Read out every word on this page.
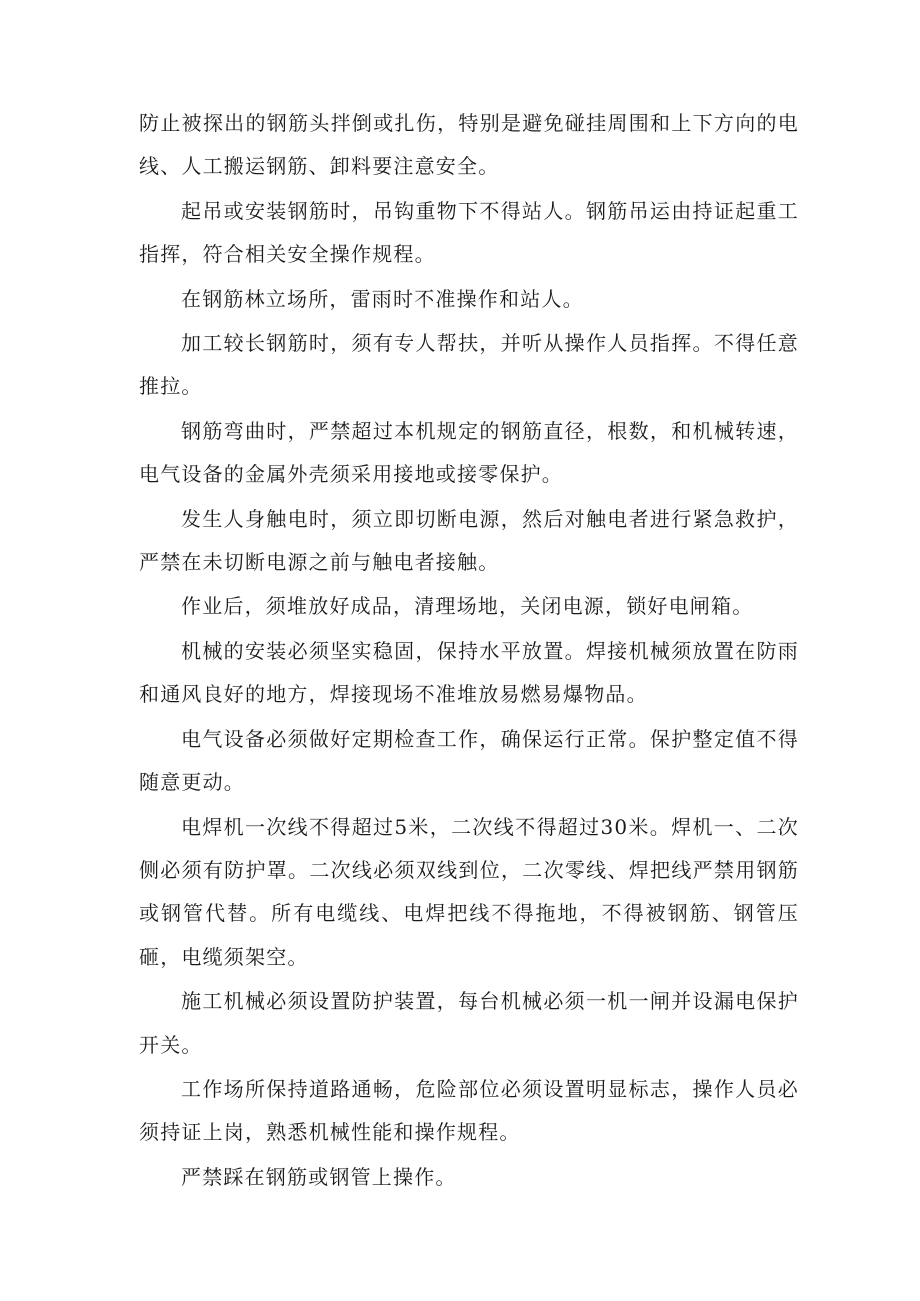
防止被探出的钢筋头拌倒或扎伤，特别是避免碰挂周围和上下方向的电线、人工搬运钢筋、卸料要注意安全。

起吊或安装钢筋时，吊钩重物下不得站人。钢筋吊运由持证起重工指挥，符合相关安全操作规程。

在钢筋林立场所，雷雨时不准操作和站人。

加工较长钢筋时，须有专人帮扶，并听从操作人员指挥。不得任意推拉。

钢筋弯曲时，严禁超过本机规定的钢筋直径，根数，和机械转速，电气设备的金属外壳须采用接地或接零保护。

发生人身触电时，须立即切断电源，然后对触电者进行紧急救护，严禁在未切断电源之前与触电者接触。

作业后，须堆放好成品，清理场地，关闭电源，锁好电闸箱。

机械的安装必须坚实稳固，保持水平放置。焊接机械须放置在防雨和通风良好的地方，焊接现场不准堆放易燃易爆物品。

电气设备必须做好定期检查工作，确保运行正常。保护整定值不得随意更动。

电焊机一次线不得超过5米，二次线不得超过30米。焊机一、二次侧必须有防护罩。二次线必须双线到位，二次零线、焊把线严禁用钢筋或钢管代替。所有电缆线、电焊把线不得拖地，不得被钢筋、钢管压砸，电缆须架空。

施工机械必须设置防护装置，每台机械必须一机一闸并设漏电保护开关。

工作场所保持道路通畅，危险部位必须设置明显标志，操作人员必须持证上岗，熟悉机械性能和操作规程。

严禁踩在钢筋或钢管上操作。
